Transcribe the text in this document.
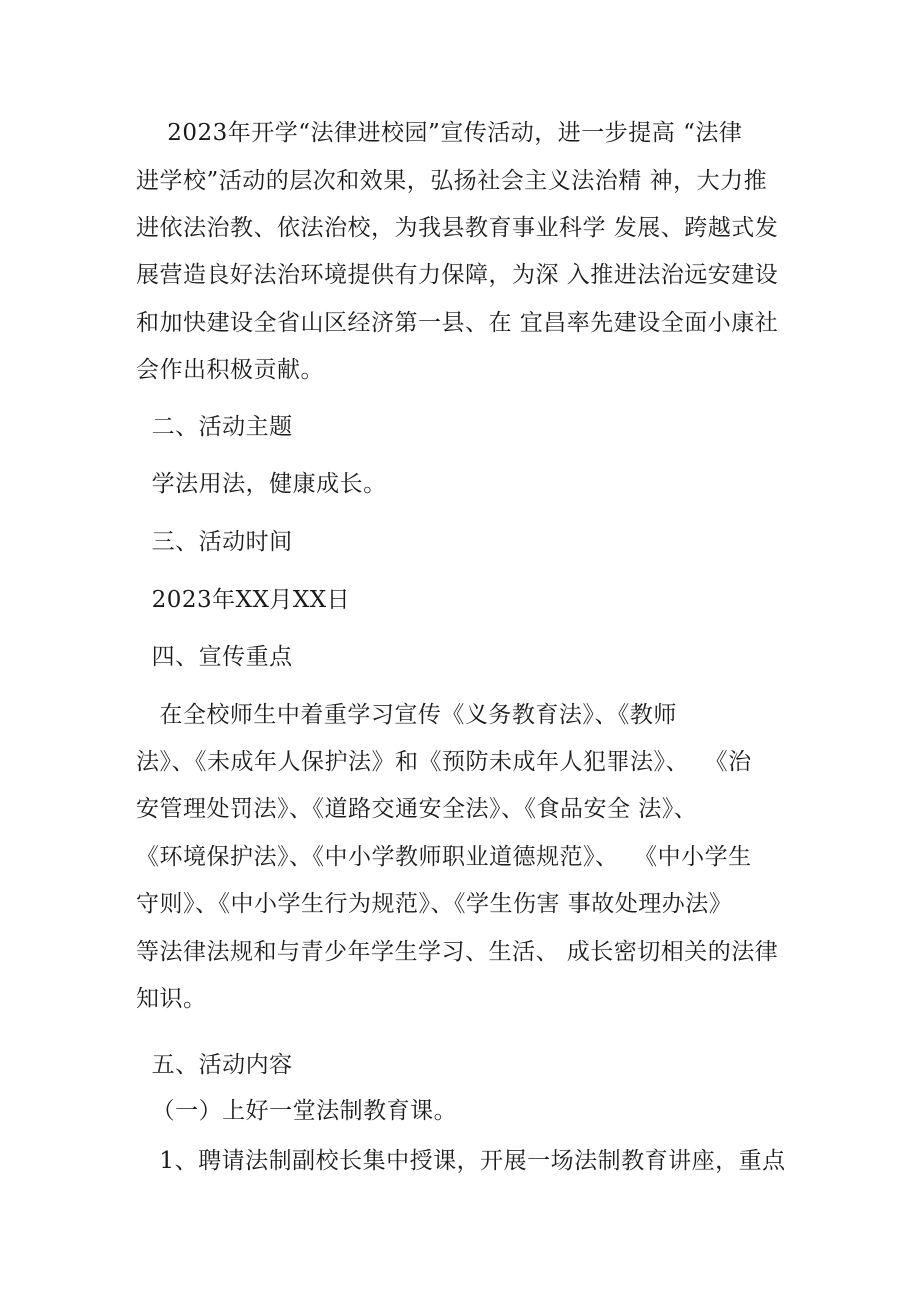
2023年开学“法律进校园”宣传活动，进一步提高 “法律

进学校”活动的层次和效果，弘扬社会主义法治精 神，大力推

进依法治教、依法治校，为我县教育事业科学 发展、跨越式发

展营造良好法治环境提供有力保障，为深 入推进法治远安建设

和加快建设全省山区经济第一县、在 宜昌率先建设全面小康社

会作出积极贡献。

二、活动主题

学法用法，健康成长。

三、活动时间

2023年XX月XX日

四、宣传重点

在全校师生中着重学习宣传《义务教育法》、《教师

法》、《未成年人保护法》和《预防未成年人犯罪法》、  《治

安管理处罚法》、《道路交通安全法》、《食品安全 法》、

《环境保护法》、《中小学教师职业道德规范》、  《中小学生

守则》、《中小学生行为规范》、《学生伤害 事故处理办法》

等法律法规和与青少年学生学习、生活、 成长密切相关的法律

知识。

五、活动内容

（一）上好一堂法制教育课。

1、聘请法制副校长集中授课，开展一场法制教育讲座，重点
